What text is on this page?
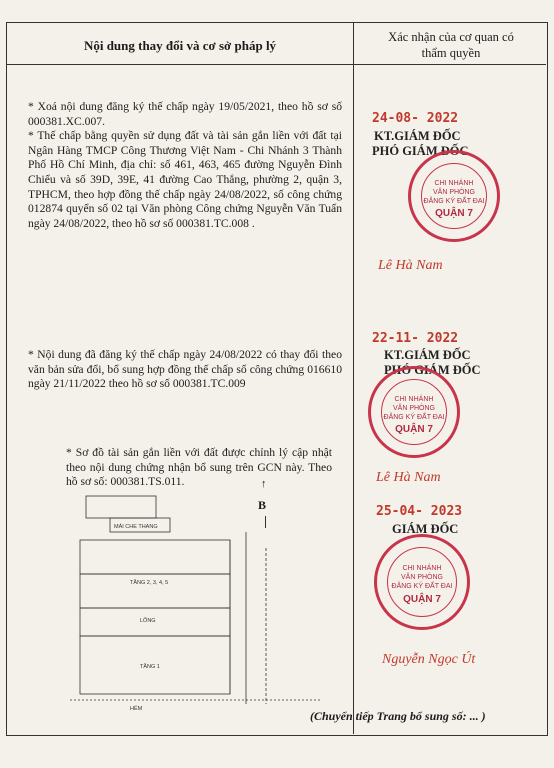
Nội dung thay đổi và cơ sở pháp lý
Xác nhận của cơ quan có
thẩm quyền
* Xoá nội dung đăng ký thế chấp ngày 19/05/2021, theo hồ sơ số 000381.XC.007.
* Thế chấp bằng quyền sử dụng đất và tài sản gắn liền với đất tại Ngân Hàng TMCP Công Thương Việt Nam - Chi Nhánh 3 Thành Phố Hồ Chí Minh, địa chỉ: số 461, 463, 465 đường Nguyễn Đình Chiểu và số 39D, 39E, 41 đường Cao Thắng, phường 2, quận 3, TPHCM, theo hợp đồng thế chấp ngày 24/08/2022, số công chứng 012874 quyển số 02 tại Văn phòng Công chứng Nguyễn Văn Tuấn ngày 24/08/2022, theo hồ sơ số 000381.TC.008 .
24-08- 2022
KT.GIÁM ĐỐC
PHÓ GIÁM ĐỐC
CHI NHÁNH
VĂN PHÒNG
ĐĂNG KÝ ĐẤT ĐAI
QUẬN 7
Lê Hà Nam
* Nội dung đã đăng ký thế chấp ngày 24/08/2022 có thay đổi theo văn bản sửa đổi, bổ sung hợp đồng thế chấp số công chứng 016610 ngày 21/11/2022 theo hồ sơ số 000381.TC.009
22-11- 2022
KT.GIÁM ĐỐC
PHÓ GIÁM ĐỐC
CHI NHÁNH
VĂN PHÒNG
ĐĂNG KÝ ĐẤT ĐAI
QUẬN 7
Lê Hà Nam
* Sơ đồ tài sản gắn liền với đất được chỉnh lý cập nhật theo nội dung chứng nhận bổ sung trên GCN này. Theo hồ sơ số: 000381.TS.011.
25-04- 2023
GIÁM ĐỐC
CHI NHÁNH
VĂN PHÒNG
ĐĂNG KÝ ĐẤT ĐAI
QUẬN 7
Nguyễn Ngọc Út
↑
B
MÁI CHE THANG
TẦNG 2, 3, 4, 5
LỐNG
TẦNG 1
HẺM	(Chuyển tiếp Trang bổ sung số: ... )
